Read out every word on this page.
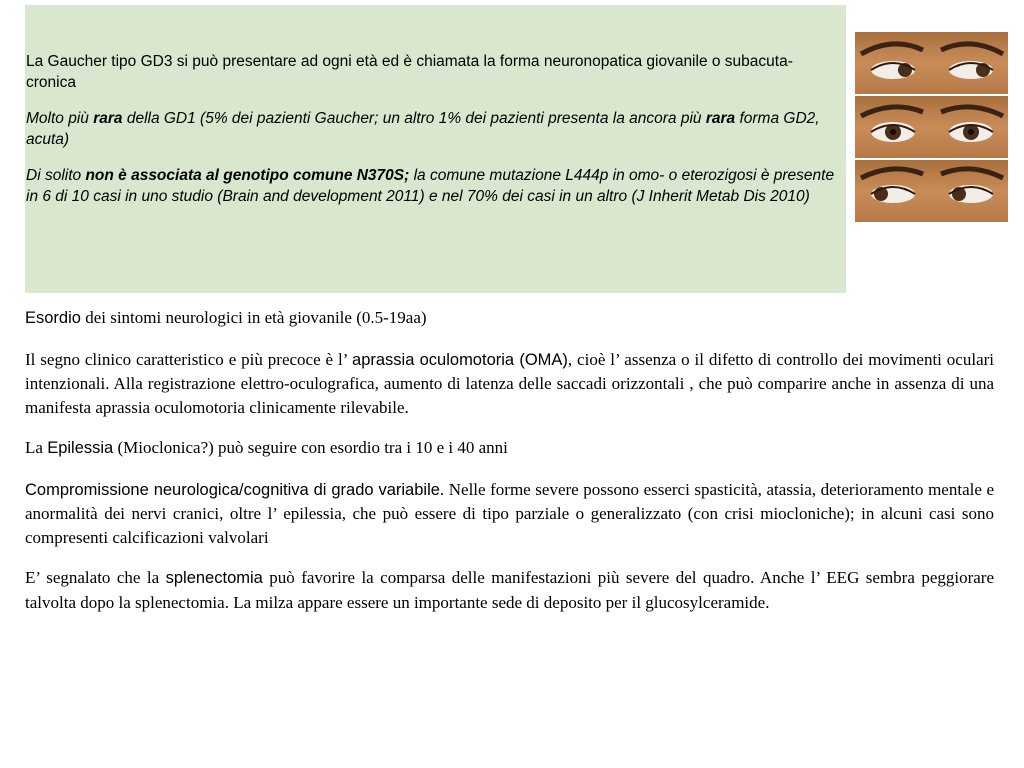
La Gaucher tipo GD3 si può presentare ad ogni età ed è chiamata la forma neuronopatica giovanile o subacuta-cronica

Molto più rara della GD1 (5% dei pazienti Gaucher; un altro 1% dei pazienti presenta la ancora più rara forma GD2, acuta)

Di solito non è associata al genotipo comune N370S; la comune mutazione L444p in omo- o eterozigosi è presente in 6 di 10 casi in uno studio (Brain and development 2011) e nel 70% dei casi in un altro (J Inherit Metab Dis 2010)

Esordio dei sintomi neurologici in età giovanile (0.5-19aa)

Il segno clinico caratteristico e più precoce è l’ aprassia oculomotoria (OMA), cioè l’ assenza o il difetto di controllo dei movimenti oculari intenzionali. Alla registrazione elettro-oculografica, aumento di latenza delle saccadi orizzontali , che può comparire anche in assenza di una manifesta aprassia oculomotoria clinicamente rilevabile.

La Epilessia (Mioclonica?) può seguire con esordio tra i 10 e i 40 anni

Compromissione neurologica/cognitiva di grado variabile. Nelle forme severe possono esserci spasticità, atassia, deterioramento mentale e anormalità dei nervi cranici, oltre l’ epilessia, che può essere di tipo parziale o generalizzato (con crisi miocloniche); in alcuni casi sono compresenti calcificazioni valvolari

E’ segnalato che la splenectomia può favorire la comparsa delle manifestazioni più severe del quadro. Anche l’ EEG sembra peggiorare talvolta dopo la splenectomia. La milza appare essere un importante sede di deposito per il glucosylceramide.
